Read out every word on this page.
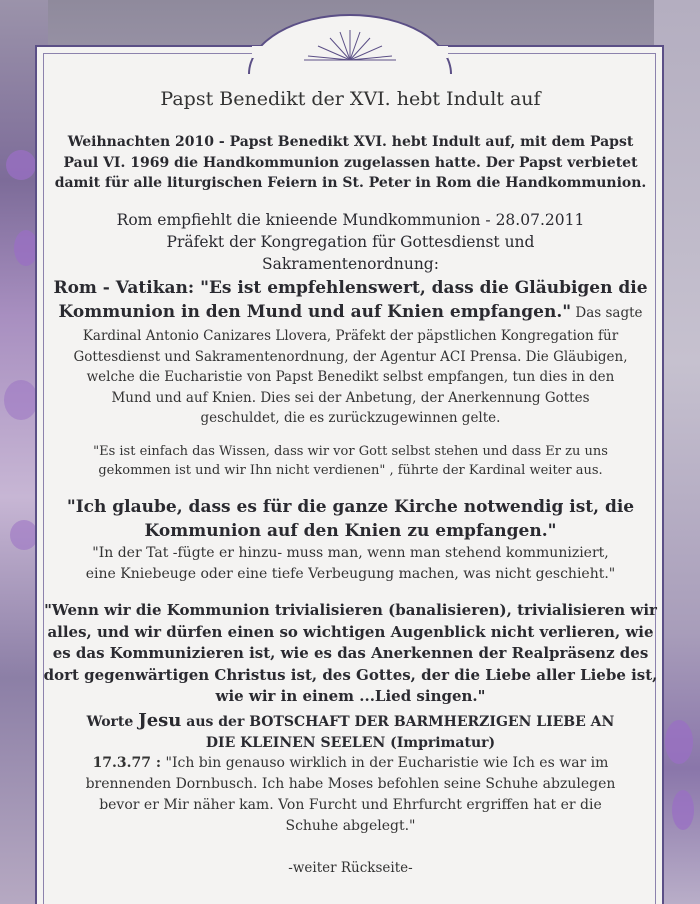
Papst Benedikt der XVI. hebt Indult auf

Weihnachten 2010 - Papst Benedikt XVI. hebt Indult auf, mit dem Papst

Paul VI. 1969 die Handkommunion zugelassen hatte. Der Papst verbietet

damit für alle liturgischen Feiern in St. Peter in Rom die Handkommunion.

Rom empfiehlt die knieende Mundkommunion - 28.07.2011

Präfekt der Kongregation für Gottesdienst und

Sakramentenordnung:

Rom - Vatikan: "Es ist empfehlenswert, dass die Gläubigen die

Kommunion in den Mund und auf Knien empfangen." Das sagte

Kardinal Antonio Canizares Llovera, Präfekt der päpstlichen Kongregation für

Gottesdienst und Sakramentenordnung, der Agentur ACI Prensa. Die Gläubigen,

welche die Eucharistie von Papst Benedikt selbst empfangen, tun dies in den

Mund und auf Knien. Dies sei der Anbetung, der Anerkennung Gottes

geschuldet, die es zurückzugewinnen gelte.

"Es ist einfach das Wissen, dass wir vor Gott selbst stehen und dass Er zu uns

gekommen ist und wir Ihn nicht verdienen" , führte der Kardinal weiter aus.

"Ich glaube, dass es für die ganze Kirche notwendig ist, die

Kommunion auf den Knien zu empfangen."

"In der Tat -fügte er hinzu- muss man, wenn man stehend kommuniziert,

eine Kniebeuge oder eine tiefe Verbeugung machen, was nicht geschieht."

"Wenn wir die Kommunion trivialisieren (banalisieren), trivialisieren wir

alles, und wir dürfen einen so wichtigen Augenblick nicht verlieren, wie

es das Kommunizieren ist, wie es das Anerkennen der Realpräsenz des

dort gegenwärtigen Christus ist, des Gottes, der die Liebe aller Liebe ist,

wie wir in einem ...Lied singen."

Worte Jesu aus der BOTSCHAFT DER BARMHERZIGEN LIEBE AN

DIE KLEINEN SEELEN (Imprimatur)

17.3.77 : "Ich bin genauso wirklich in der Eucharistie wie Ich es war im

brennenden Dornbusch. Ich habe Moses befohlen seine Schuhe abzulegen

bevor er Mir näher kam. Von Furcht und Ehrfurcht ergriffen hat er die

Schuhe abgelegt."

-weiter Rückseite-
